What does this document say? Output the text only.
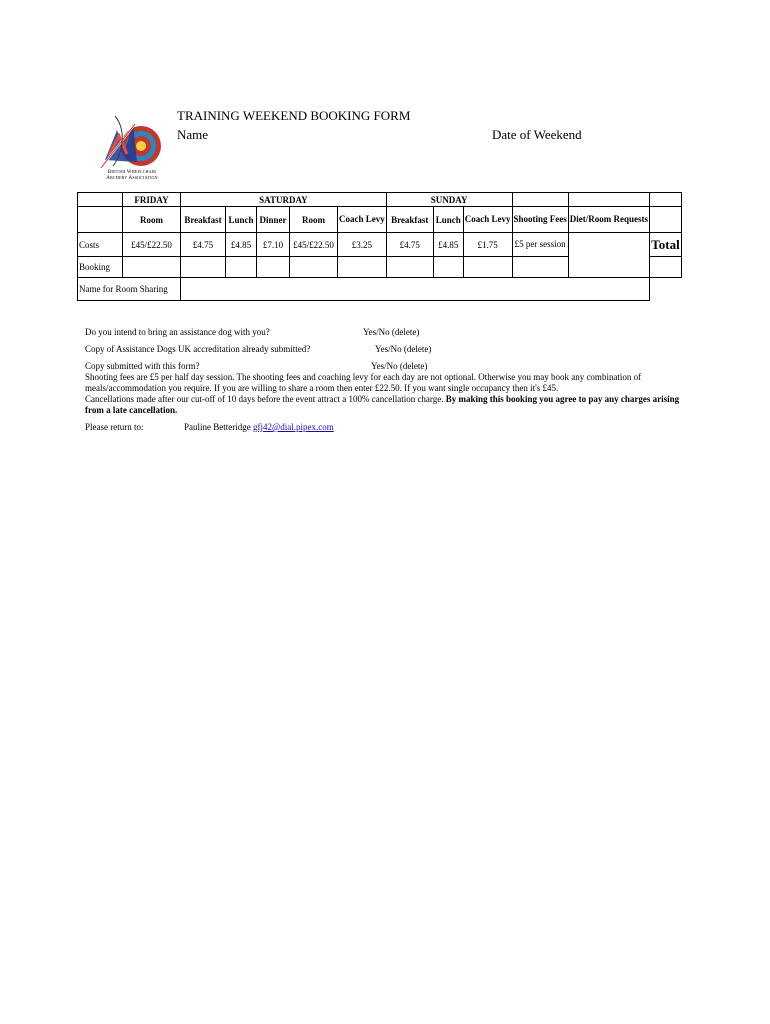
British Wheelchair
Archery Association
TRAINING WEEKEND BOOKING FORM
Name	Date of Weekend
	FRIDAY	SATURDAY					SUNDAY					
	Room	Breakfast	Lunch	Dinner	Room	Coach Levy	Breakfast	Lunch	Coach Levy	Shooting Fees	Diet/Room Requests	
Costs	£45/£22.50	£4.75	£4.85	£7.10	£45/£22.50	£3.25	£4.75	£4.85	£1.75	£5 per session		Total
Booking												
Name for Room Sharing												
Do you intend to bring an assistance dog with you?	Yes/No (delete)
Copy of Assistance Dogs UK accreditation already submitted?	Yes/No (delete)
Copy submitted with this form?	Yes/No (delete)

Shooting fees are £5 per half day session. The shooting fees and coaching levy for each day are not optional. Otherwise you may book any combination of meals/accommodation you require. If you are willing to share a room then enter £22.50. If you want single occupancy then it's £45.

Cancellations made after our cut-off of 10 days before the event attract a 100% cancellation charge. By making this booking you agree to pay any charges arising from a late cancellation.

Please return to:	Pauline Betteridge gfj42@dial.pipex.com
